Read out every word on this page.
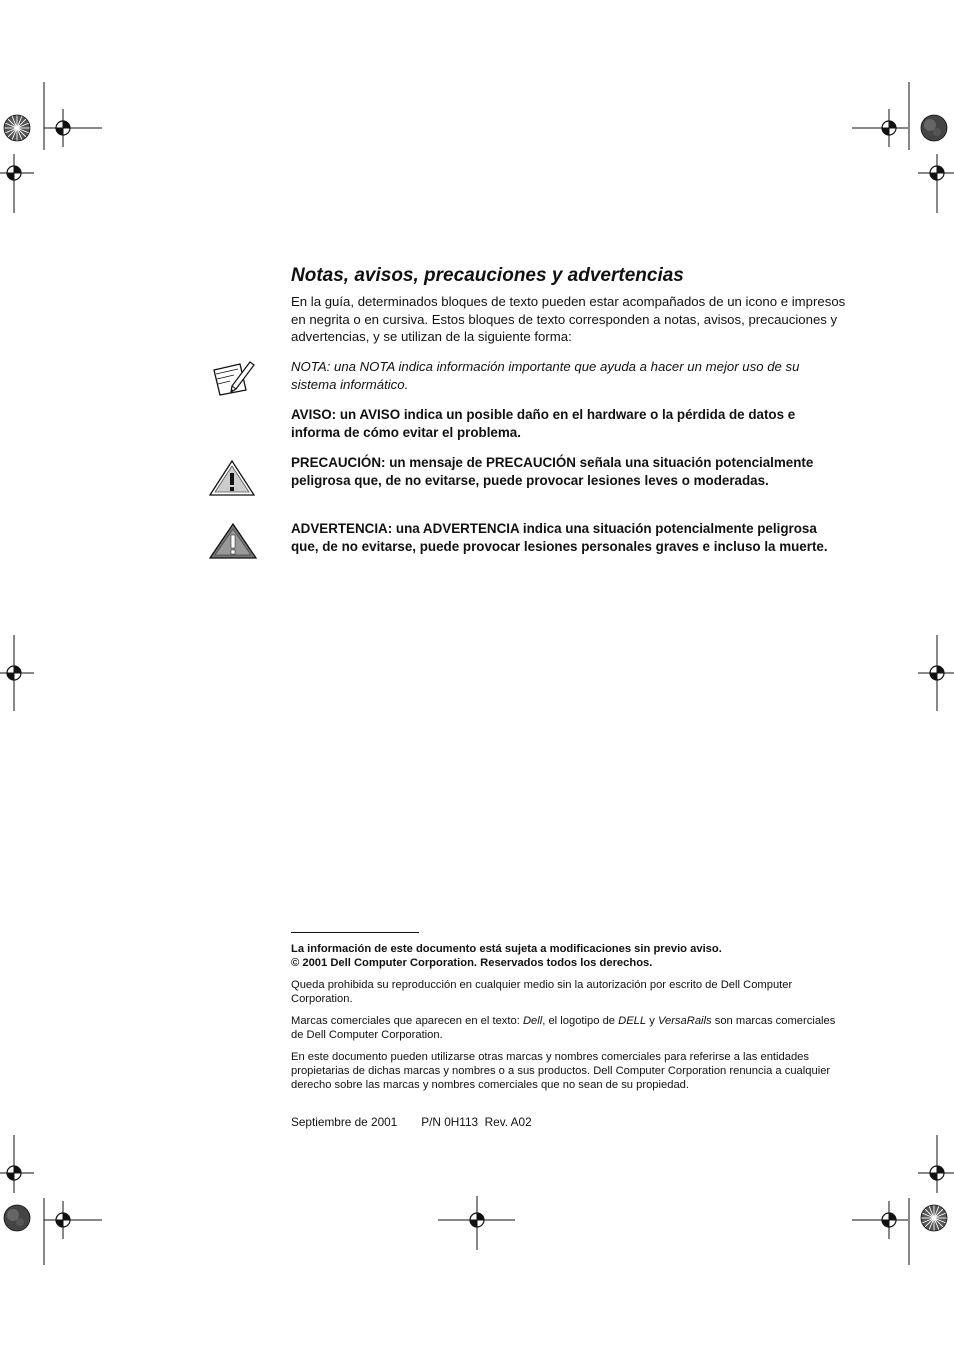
Notas, avisos, precauciones y advertencias
En la guía, determinados bloques de texto pueden estar acompañados de un icono e impresos en negrita o en cursiva. Estos bloques de texto corresponden a notas, avisos, precauciones y advertencias, y se utilizan de la siguiente forma:
NOTA: una NOTA indica información importante que ayuda a hacer un mejor uso de su sistema informático.
AVISO: un AVISO indica un posible daño en el hardware o la pérdida de datos e informa de cómo evitar el problema.
PRECAUCIÓN: un mensaje de PRECAUCIÓN señala una situación potencialmente peligrosa que, de no evitarse, puede provocar lesiones leves o moderadas.
ADVERTENCIA: una ADVERTENCIA indica una situación potencialmente peligrosa que, de no evitarse, puede provocar lesiones personales graves e incluso la muerte.
La información de este documento está sujeta a modificaciones sin previo aviso.
© 2001 Dell Computer Corporation. Reservados todos los derechos.
Queda prohibida su reproducción en cualquier medio sin la autorización por escrito de Dell Computer Corporation.
Marcas comerciales que aparecen en el texto: Dell, el logotipo de DELL y VersaRails son marcas comerciales de Dell Computer Corporation.
En este documento pueden utilizarse otras marcas y nombres comerciales para referirse a las entidades propietarias de dichas marcas y nombres o a sus productos. Dell Computer Corporation renuncia a cualquier derecho sobre las marcas y nombres comerciales que no sean de su propiedad.
Septiembre de 2001 P/N 0H113  Rev. A02
